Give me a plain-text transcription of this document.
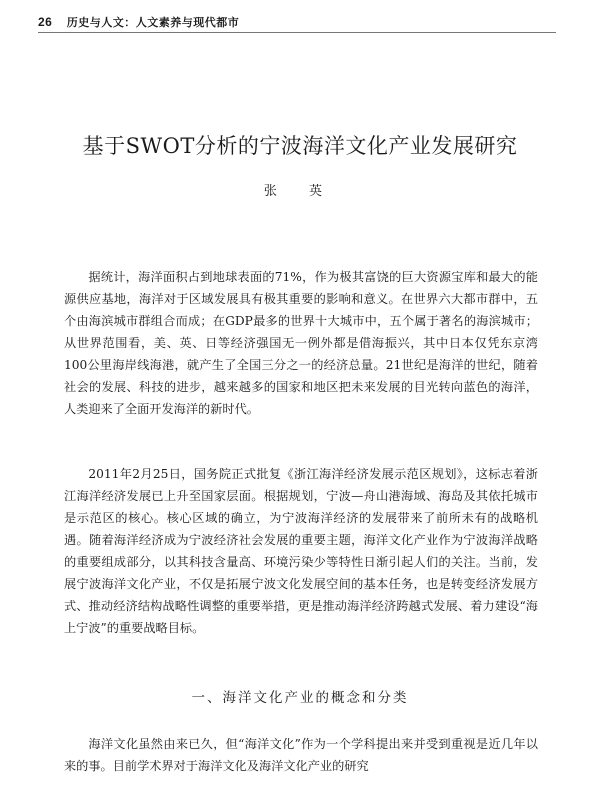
26 历史与人文：人文素养与现代都市
基于SWOT分析的宁波海洋文化产业发展研究
张 英

据统计，海洋面积占到地球表面的71%，作为极其富饶的巨大资源宝库和最大的能源供应基地，海洋对于区域发展具有极其重要的影响和意义。在世界六大都市群中，五个由海滨城市群组合而成；在GDP最多的世界十大城市中，五个属于著名的海滨城市；从世界范围看，美、英、日等经济强国无一例外都是借海振兴，其中日本仅凭东京湾100公里海岸线海港，就产生了全国三分之一的经济总量。21世纪是海洋的世纪，随着社会的发展、科技的进步，越来越多的国家和地区把未来发展的目光转向蓝色的海洋，人类迎来了全面开发海洋的新时代。

2011年2月25日，国务院正式批复《浙江海洋经济发展示范区规划》，这标志着浙江海洋经济发展已上升至国家层面。根据规划，宁波—舟山港海域、海岛及其依托城市是示范区的核心。核心区域的确立，为宁波海洋经济的发展带来了前所未有的战略机遇。随着海洋经济成为宁波经济社会发展的重要主题，海洋文化产业作为宁波海洋战略的重要组成部分，以其科技含量高、环境污染少等特性日渐引起人们的关注。当前，发展宁波海洋文化产业，不仅是拓展宁波文化发展空间的基本任务，也是转变经济发展方式、推动经济结构战略性调整的重要举措，更是推动海洋经济跨越式发展、着力建设“海上宁波”的重要战略目标。

一、海洋文化产业的概念和分类

海洋文化虽然由来已久，但“海洋文化”作为一个学科提出来并受到重视是近几年以来的事。目前学术界对于海洋文化及海洋文化产业的研究
